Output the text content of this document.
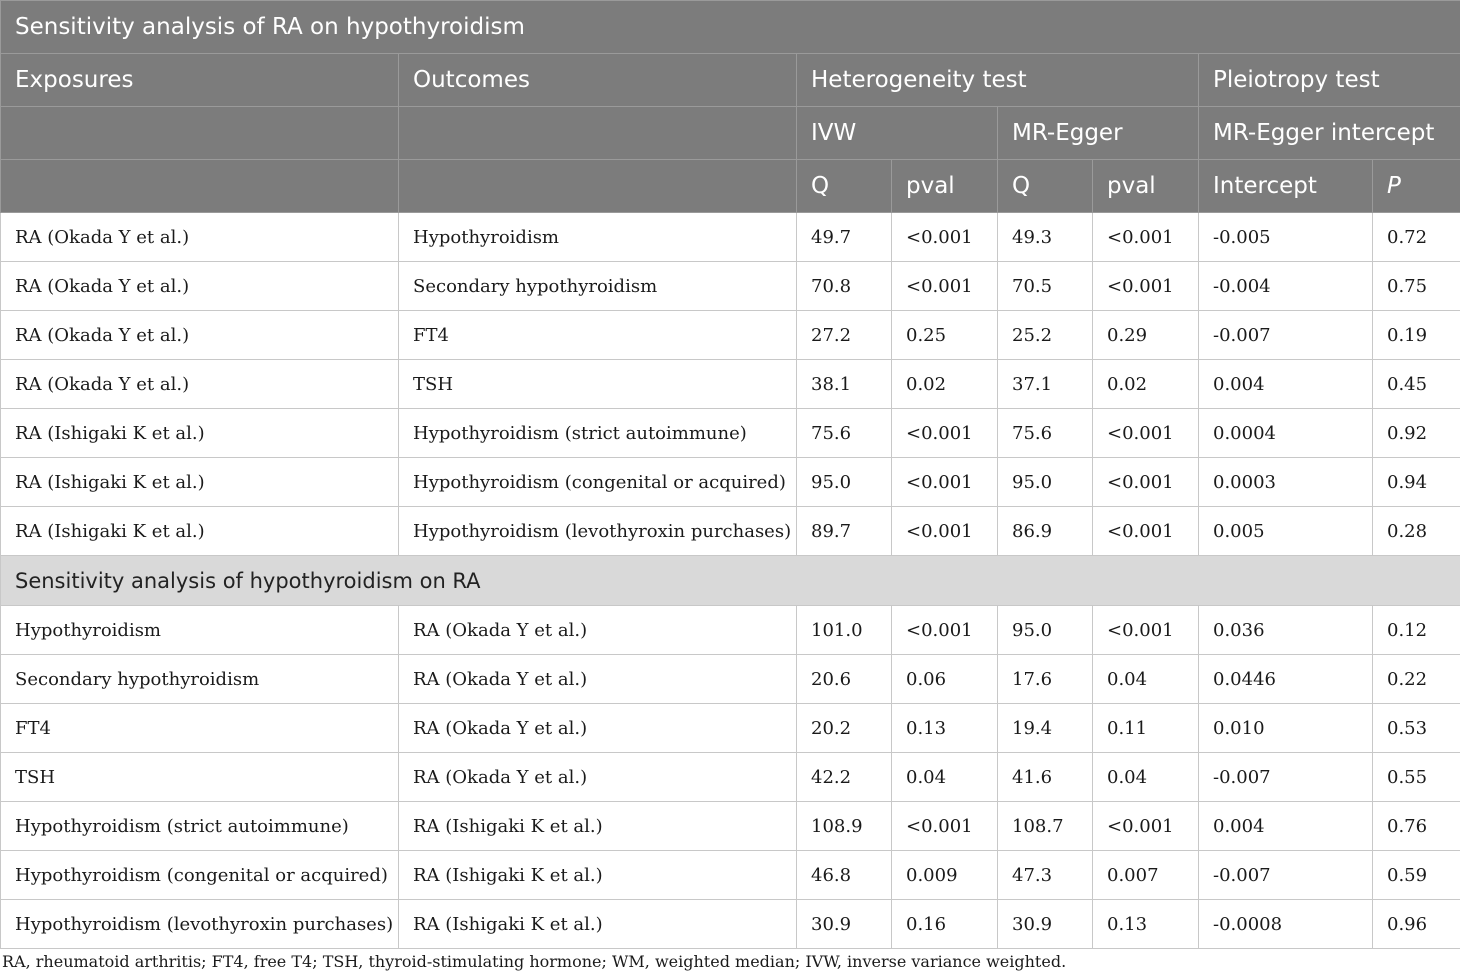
Sensitivity analysis of RA on hypothyroidism							
Exposures	Outcomes	Heterogeneity test				Pleiotropy test	
		IVW		MR-Egger		MR-Egger intercept	
		Q	pval	Q	pval	Intercept	P
RA (Okada Y et al.)	Hypothyroidism	49.7	<0.001	49.3	<0.001	-0.005	0.72
RA (Okada Y et al.)	Secondary hypothyroidism	70.8	<0.001	70.5	<0.001	-0.004	0.75
RA (Okada Y et al.)	FT4	27.2	0.25	25.2	0.29	-0.007	0.19
RA (Okada Y et al.)	TSH	38.1	0.02	37.1	0.02	0.004	0.45
RA (Ishigaki K et al.)	Hypothyroidism (strict autoimmune)	75.6	<0.001	75.6	<0.001	0.0004	0.92
RA (Ishigaki K et al.)	Hypothyroidism (congenital or acquired)	95.0	<0.001	95.0	<0.001	0.0003	0.94
RA (Ishigaki K et al.)	Hypothyroidism (levothyroxin purchases)	89.7	<0.001	86.9	<0.001	0.005	0.28
Sensitivity analysis of hypothyroidism on RA							
Hypothyroidism	RA (Okada Y et al.)	101.0	<0.001	95.0	<0.001	0.036	0.12
Secondary hypothyroidism	RA (Okada Y et al.)	20.6	0.06	17.6	0.04	0.0446	0.22
FT4	RA (Okada Y et al.)	20.2	0.13	19.4	0.11	0.010	0.53
TSH	RA (Okada Y et al.)	42.2	0.04	41.6	0.04	-0.007	0.55
Hypothyroidism (strict autoimmune)	RA (Ishigaki K et al.)	108.9	<0.001	108.7	<0.001	0.004	0.76
Hypothyroidism (congenital or acquired)	RA (Ishigaki K et al.)	46.8	0.009	47.3	0.007	-0.007	0.59
Hypothyroidism (levothyroxin purchases)	RA (Ishigaki K et al.)	30.9	0.16	30.9	0.13	-0.0008	0.96
RA, rheumatoid arthritis; FT4, free T4; TSH, thyroid-stimulating hormone; WM, weighted median; IVW, inverse variance weighted.
